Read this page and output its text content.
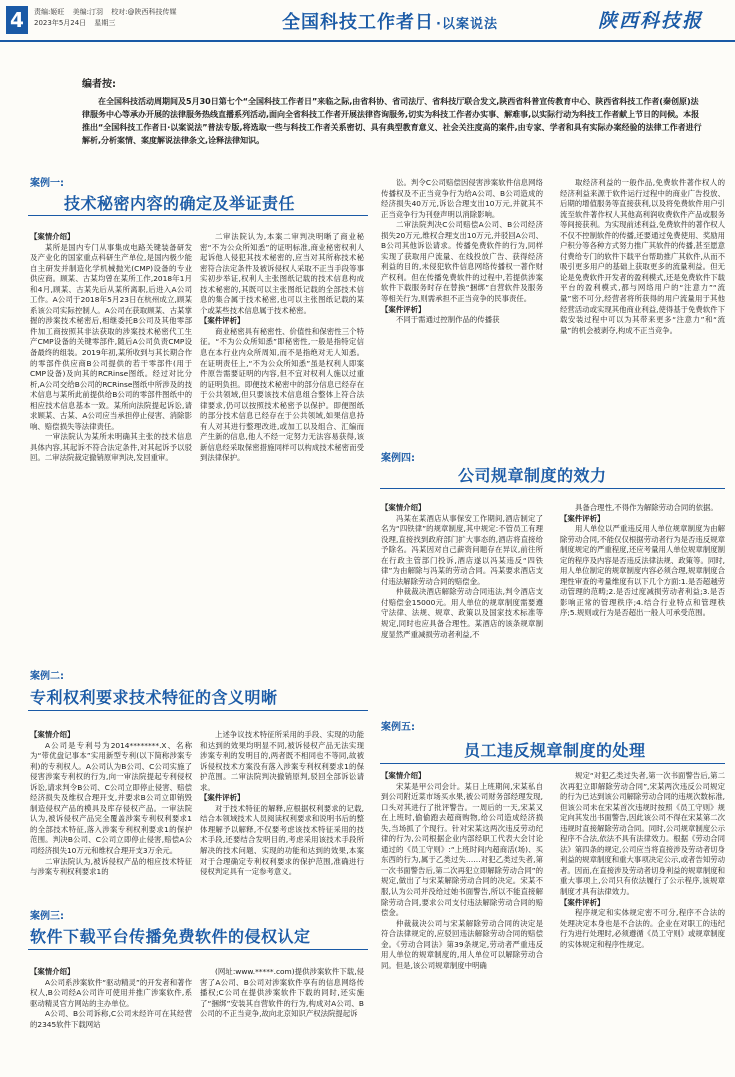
4	责编:姬旺 美编:汀羽 校对:@陕西科技传媒
2023年5月24日 星期三	全国科技工作者日 ·以案说法	陕西科技报
编者按:
在全国科技活动周期间及5月30日第七个“全国科技工作者日”来临之际,由省科协、省司法厅、省科技厅联合发文,陕西省科普宣传教育中心、陕西省科技工作者(秦创原)法律服务中心等承办开展的法律服务热线直播系列活动,面向全省科技工作者开展法律咨询服务,切实为科技工作者办实事、解难事,以实际行动为科技工作者献上节日的问候。本报推出“全国科技工作者日·以案说法”普法专版,将选取一些与科技工作者关系密切、具有典型教育意义、社会关注度高的案件,由专家、学者和具有实际办案经验的法律工作者进行解析,分析案情、案度解说法律条文,诠释法律知识。
案例一:
技术秘密内容的确定及举证责任
【案情介绍】

某所是国内专门从事集成电路关键装备研发及产业化的国家重点科研生产单位,是国内极少能自主研发并制造化学机械抛光(CMP)设备的专业供应商。顾某、古某均曾在某所工作,2018年1月和4月,顾某、古某先后从某所离职,后进入A公司工作。A公司于2018年5月23日在杭州成立,顾某系该公司实际控制人。A公司在获取顾某、古某掌握的涉案技术秘密后,相继委托B公司及其他零部件加工商按照其非法获取的涉案技术秘密代工生产CMP设备的关键零部件,随后A公司负责CMP设备最终的组装。2019年初,某所收到与其长期合作的零部件供应商B公司提供的若干零部件(用于CMP设备)及向其的RCRinse图纸。经过对比分析,A公司交给B公司的RCRinse图纸中所涉及的技术信息与某所此前提供给B公司的零部件图纸中的相应技术信息基本一致。某所向法院提起诉讼,请求顾某、古某、A公司应当承担停止侵害、消除影响、赔偿损失等法律责任。

一审法院认为某所未明确其主张的技术信息具体内容,其起诉不符合法定条件,对其起诉予以驳回。二审法院裁定撤销原审判决,发回重审。

二审法院认为,本案二审判决明晰了商业秘密“不为公众所知悉”的证明标准,商业秘密权利人起诉他人侵犯其技术秘密的,应当对其所称技术秘密符合法定条件及被诉侵权人采取不正当手段等事实初步举证,权利人主张图纸记载的技术信息构成技术秘密的,其既可以主张图纸记载的全部技术信息的集合属于技术秘密,也可以主张图纸记载的某个或某些技术信息属于技术秘密。

【案件评析】

商业秘密具有秘密性、价值性和保密性三个特征。“不为公众所知悉”即秘密性,一般是指特定信息在本行业内众所周知,而不是指绝对无人知悉。在证明责任上,“不为公众所知悉”虽是权利人即案件原告需要证明的内容,但不宜对权利人施以过重的证明负担。即便技术秘密中的部分信息已经存在于公共领域,但只要该技术信息组合整体上符合法律要求,仍可以按照技术秘密予以保护。即便图纸的部分技术信息已经存在于公共领域,如果信息持有人对其进行整理改进,或加工以及组合、汇编而产生新的信息,他人不经一定努力无法容易获得,该新信息经采取保密措施同样可以构成技术秘密而受到法律保护。

讼。判令C公司赔偿因侵害涉案软件信息网络传播权及不正当竞争行为给A公司、B公司造成的经济损失40万元,诉讼合理支出10万元,并就其不正当竞争行为刊登声明以消除影响。

二审法院判决C公司赔偿A公司、B公司经济损失20万元,维权合理支出10万元,并驳回A公司、B公司其他诉讼请求。传播免费软件的行为,同样实现了获取用户流量、在线投放广告、获得经济利益的目的,未侵犯软件信息网络传播权一著作财产权利。但在传播免费软件的过程中,若提供涉案软件下载服务时存在替换“捆绑”自营软件及服务等相关行为,则需承担不正当竞争的民事责任。

【案件评析】

不同于需通过控制作品的传播获

取经济利益的一般作品,免费软件著作权人的经济利益来源于软件运行过程中的商业广告投放、后期的增值服务等直接获利,以及将免费软件用户引流至软件著作权人其他高利润收费软件产品或服务等间接获利。为实现前述利益,免费软件的著作权人不仅不控制软件的传播,还要通过免费使用、奖励用户积分等各种方式努力推广其软件的传播,甚至愿意付费给专门的软件下载平台帮助推广其软件,从而不吸引更多用户的基础上获取更多的流量利益。但无论是免费软件开发者的盈利模式,还是免费软件下载平台的盈利模式,都与网络用户的“注意力”“流量”密不可分,经营者将所获得的用户流量用于其他经营活动或实现其他商业利益,使得基于免费软件下载安装过程中可以为其带来更多“注意力”和“流量”的机会被剥夺,构成不正当竞争。

案例二:
专利权利要求技术特征的含义明晰
【案情介绍】

A公司是专利号为2014********.X、名称为“带优盘记事本”实用新型专利(以下简称涉案专利)的专利权人。A公司认为B公司、C公司实施了侵害涉案专利权的行为,向一审法院提起专利侵权诉讼,请求判令B公司、C公司立即停止侵害、赔偿经济损失及维权合理开支,并要求B公司立即销毁制造侵权产品的模具及库存侵权产品。一审法院认为,被诉侵权产品完全覆盖涉案专利权利要求1的全部技术特征,落入涉案专利权利要求1的保护范围。判决B公司、C公司立即停止侵害,赔偿A公司经济损失10万元和维权合理开支3万余元。

二审法院认为,被诉侵权产品的相应技术特征与涉案专利权利要求1的

上述争议技术特征所采用的手段、实现的功能和达到的效果均明显不同,被诉侵权产品无法实现涉案专利的发明目的,两者既不相同也不等同,故被诉侵权技术方案没有落入涉案专利权利要求1的保护范围。二审法院判决撤销原判,驳回全部诉讼请求。

【案件评析】

对于技术特征的解释,应根据权利要求的记载,结合本领域技术人员阅读权利要求和说明书后的整体理解予以解释,不仅要考虑该技术特征采用的技术手段,还要结合发明目的,考虑采用该技术手段所解决的技术问题、实现的功能和达到的效果,本案对于合理确定专利权利要求的保护范围,准确进行侵权判定具有一定参考意义。

案例三:
软件下载平台传播免费软件的侵权认定
【案情介绍】

A公司系涉案软件“驱动精灵”的开发者和著作权人,B公司经A公司许可使用并推广涉案软件,系驱动精灵官方网站的主办单位。

A公司、B公司诉称,C公司未经许可在其经营的2345软件下载网站

(网址:www.*****.com)提供涉案软件下载,侵害了A公司、B公司对涉案软件享有的信息网络传播权;C公司在提供涉案软件下载的同时,还实施了“捆绑”安装其自营软件的行为,构成对A公司、B公司的不正当竞争,故向北京知识产权法院提起诉

案例四:
公司规章制度的效力
【案情介绍】

冯某在某酒店从事保安工作期间,酒店制定了名为“四铁律”的规章制度,其中规定:不管员工有理没理,直接找到政府部门扩大事态的,酒店将直接给予除名。冯某因对自己薪资问题存在异议,前往所在行政主管部门投诉,酒店遂以冯某违反“四铁律”为由解除与冯某的劳动合同。冯某要求酒店支付违法解除劳动合同的赔偿金。

仲裁裁决酒店解除劳动合同违法,判令酒店支付赔偿金15000元。用人单位的规章制度需要遵守法律、法规、规章、政策以及国家技术标准等规定,同时也应具备合理性。某酒店的该条规章制度显然严重减损劳动者利益,不

具备合理性,不得作为解除劳动合同的依据。

【案件评析】

用人单位以严重违反用人单位规章制度为由解除劳动合同,不能仅仅根据劳动者行为是否违反规章制度规定的严重程度,还应考量用人单位规章制度制定的程序及内容是否违反法律法规、政策等。同时,用人单位制定的规章制度内容必须合理,规章制度合理性审查的考量维度有以下几个方面:1.是否超越劳动管理的范畴;2.是否过度减损劳动者利益;3.是否影响正常的管理秩序;4.结合行业特点和管理秩序;5.规则或行为是否超出一般人可承受范围。

案例五:
员工违反规章制度的处理
【案情介绍】

宋某是甲公司会计。某日上班期间,宋某私自到公司附近菜市场买水果,被公司财务部经理发现,口头对其进行了批评警告。一周后的一天,宋某又在上班时,偷偷跑去超商购物,给公司造成经济损失,当场抓了个现行。针对宋某这两次违反劳动纪律的行为,公司根据企业内部经职工代表大会讨论通过的《员工守则》:“上班时间内超商活(场)、买东西的行为,属于乙类过失……对犯乙类过失者,第一次书面警告后,第二次再犯立即解除劳动合同”的规定,做出了与宋某解除劳动合同的决定。宋某不服,认为公司并没给过她书面警告,所以不能直接解除劳动合同,要求公司支付违法解除劳动合同的赔偿金。

仲裁裁决公司与宋某解除劳动合同的决定是符合法律规定的,应驳回违法解除劳动合同的赔偿金。《劳动合同法》第39条规定,劳动者严重违反用人单位的规章制度的,用人单位可以解除劳动合同。但是,该公司规章制度中明确

规定“对犯乙类过失者,第一次书面警告后,第二次再犯立即解除劳动合同”,宋某两次违反公司规定的行为已达到该公司解除劳动合同的违规次数标准,但该公司未在宋某首次违规时按照《员工守则》规定向其发出书面警告,因此该公司不得在宋某第二次违规时直接解除劳动合同。同时,公司规章制度公示程序不合法,依法不具有法律效力。根据《劳动合同法》第四条的规定,公司应当将直接涉及劳动者切身利益的规章制度和重大事项决定公示,或者告知劳动者。因而,在直接涉及劳动者切身利益的规章制度和重大事项上,公司只有依法履行了公示程序,该规章制度才具有法律效力。

【案件评析】

程序规定和实体规定密不可分,程序不合法的处理决定本身也是不合法的。企业在对职工的违纪行为进行处理时,必须遵循《员工守则》或规章制度的实体规定和程序性规定。
